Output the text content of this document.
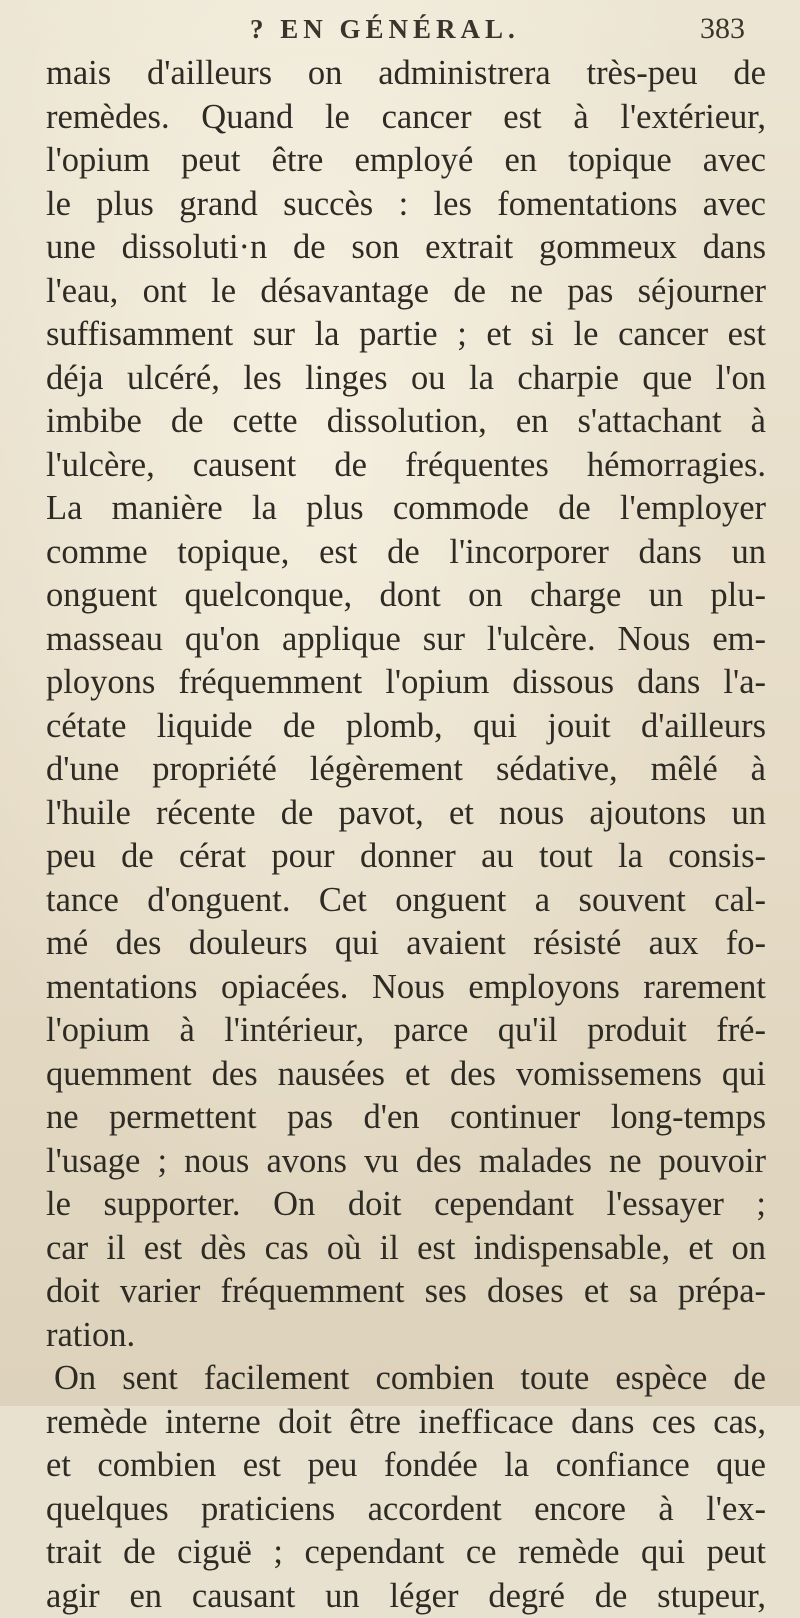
? EN GÉNÉRAL.	383
mais d'ailleurs on administrera très-peu de
remèdes. Quand le cancer est à l'extérieur,
l'opium peut être employé en topique avec
le plus grand succès : les fomentations avec
une dissoluti·n de son extrait gommeux dans
l'eau, ont le désavantage de ne pas séjourner
suffisamment sur la partie ; et si le cancer est
déja ulcéré, les linges ou la charpie que l'on
imbibe de cette dissolution, en s'attachant à
l'ulcère, causent de fréquentes hémorragies.
La manière la plus commode de l'employer
comme topique, est de l'incorporer dans un
onguent quelconque, dont on charge un plu-
masseau qu'on applique sur l'ulcère. Nous em-
ployons fréquemment l'opium dissous dans l'a-
cétate liquide de plomb, qui jouit d'ailleurs
d'une propriété légèrement sédative, mêlé à
l'huile récente de pavot, et nous ajoutons un
peu de cérat pour donner au tout la consis-
tance d'onguent. Cet onguent a souvent cal-
mé des douleurs qui avaient résisté aux fo-
mentations opiacées. Nous employons rarement
l'opium à l'intérieur, parce qu'il produit fré-
quemment des nausées et des vomissemens qui
ne permettent pas d'en continuer long-temps
l'usage ; nous avons vu des malades ne pouvoir
le supporter. On doit cependant l'essayer ;
car il est dès cas où il est indispensable, et on
doit varier fréquemment ses doses et sa prépa-
ration.
On sent facilement combien toute espèce de
remède interne doit être inefficace dans ces cas,
et combien est peu fondée la confiance que
quelques praticiens accordent encore à l'ex-
trait de ciguë ; cependant ce remède qui peut
agir en causant un léger degré de stupeur,
